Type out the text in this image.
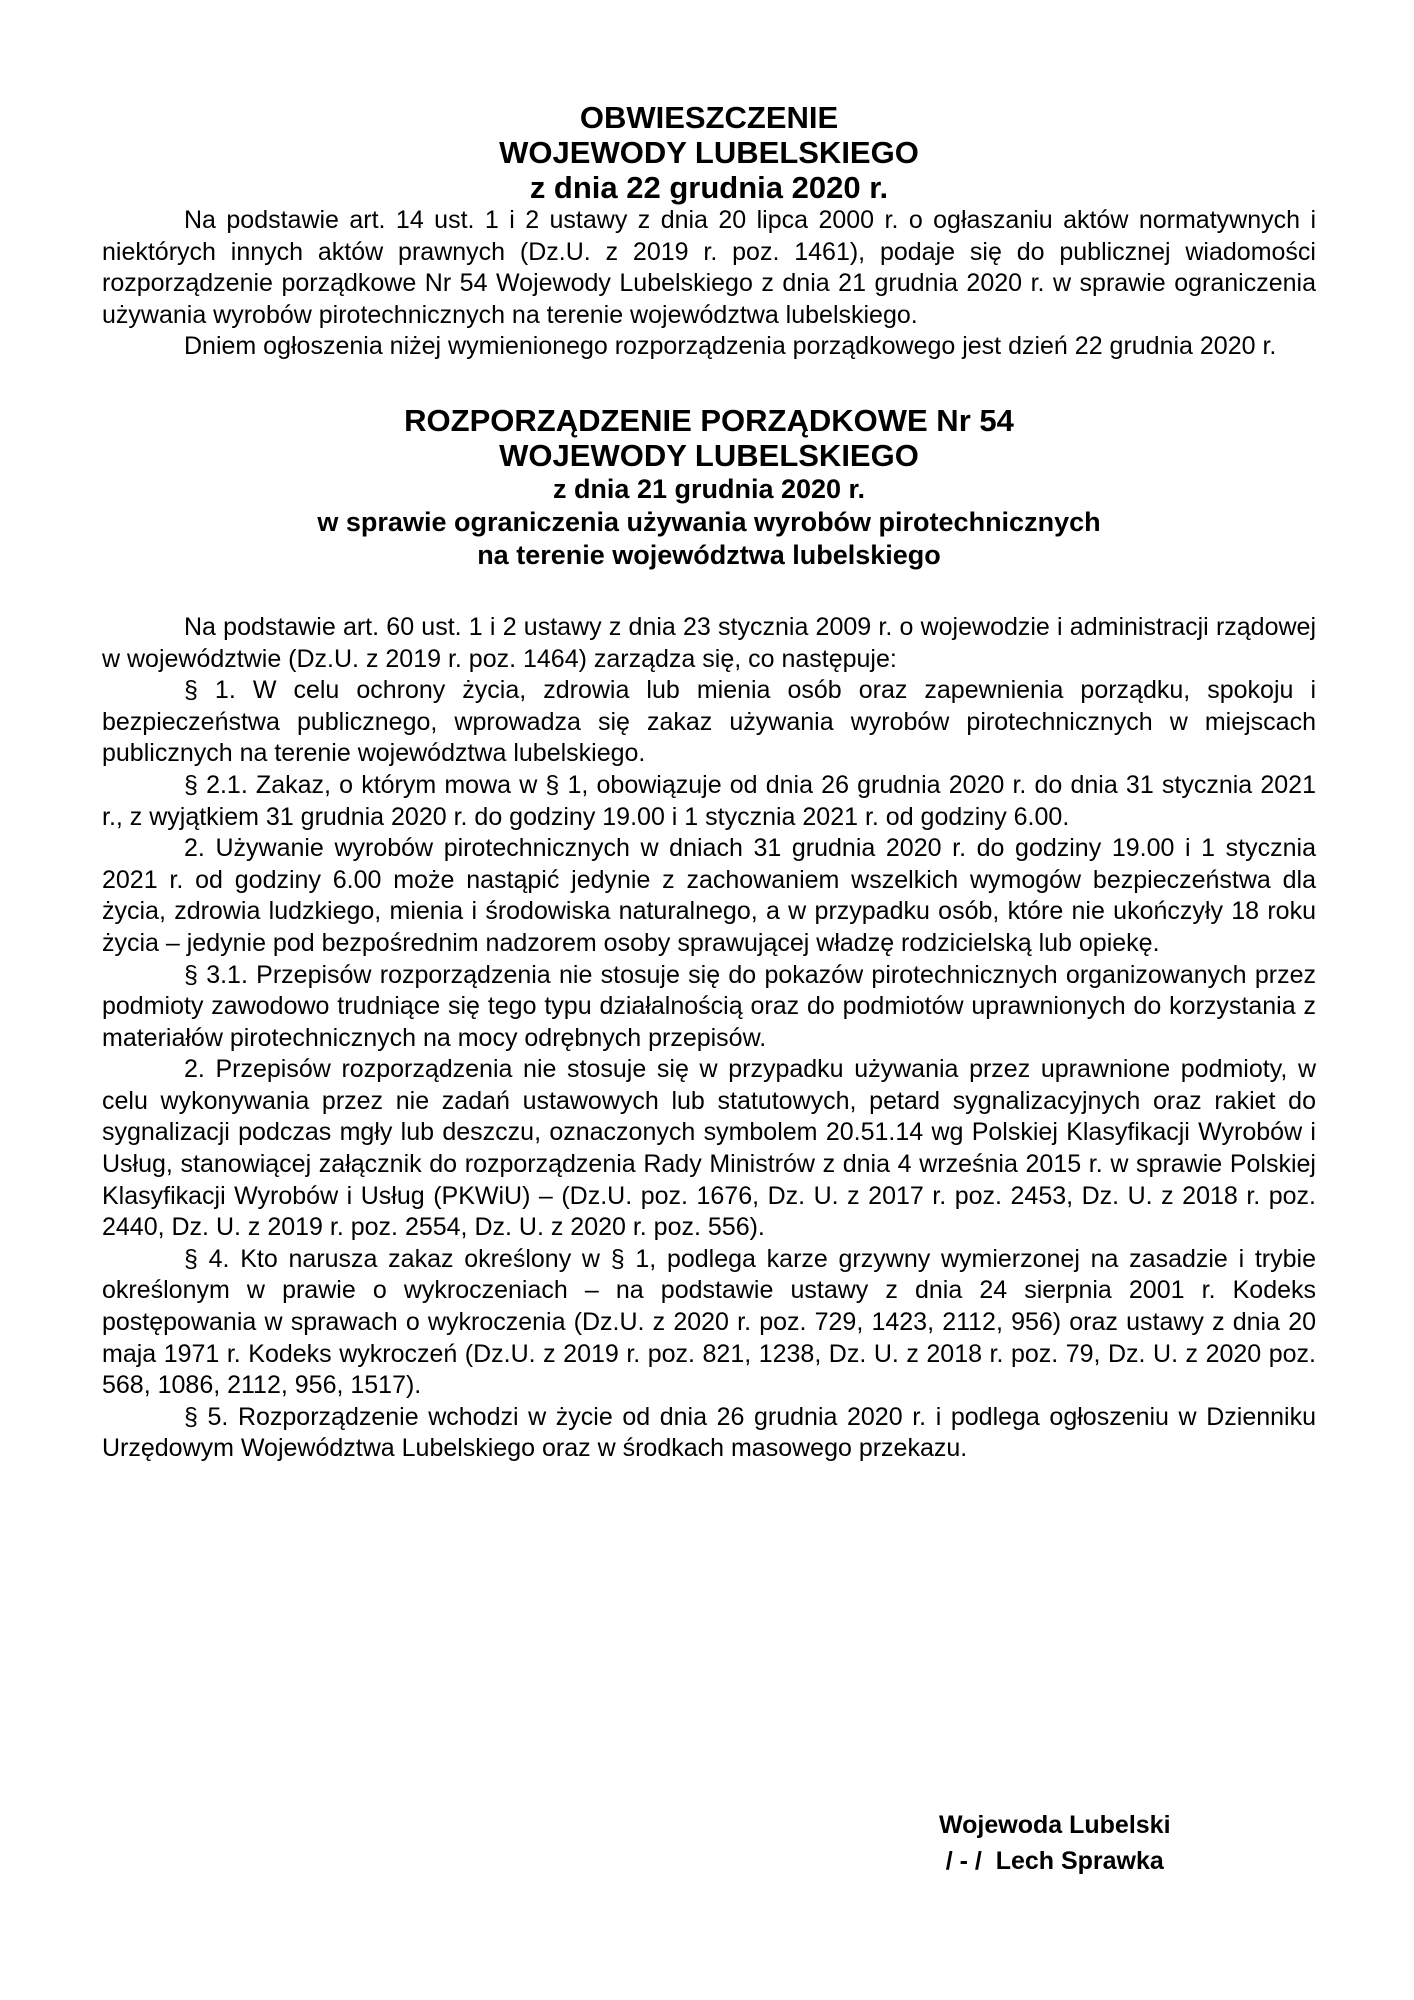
OBWIESZCZENIE

WOJEWODY LUBELSKIEGO

z dnia 22 grudnia 2020 r.

Na podstawie art. 14 ust. 1 i 2 ustawy z dnia 20 lipca 2000 r. o ogłaszaniu aktów normatywnych i niektórych innych aktów prawnych (Dz.U. z 2019 r. poz. 1461), podaje się do publicznej wiadomości rozporządzenie porządkowe Nr 54 Wojewody Lubelskiego z dnia 21 grudnia 2020 r. w sprawie ograniczenia używania wyrobów pirotechnicznych na terenie województwa lubelskiego.

Dniem ogłoszenia niżej wymienionego rozporządzenia porządkowego jest dzień 22 grudnia 2020 r.

ROZPORZĄDZENIE PORZĄDKOWE Nr 54

WOJEWODY LUBELSKIEGO

z dnia 21 grudnia 2020 r.

w sprawie ograniczenia używania wyrobów pirotechnicznych

na terenie województwa lubelskiego

Na podstawie art. 60 ust. 1 i 2 ustawy z dnia 23 stycznia 2009 r. o wojewodzie i administracji rządowej w województwie (Dz.U. z 2019 r. poz. 1464) zarządza się, co następuje:

§ 1. W celu ochrony życia, zdrowia lub mienia osób oraz zapewnienia porządku, spokoju i bezpieczeństwa publicznego, wprowadza się zakaz używania wyrobów pirotechnicznych w miejscach publicznych na terenie województwa lubelskiego.

§ 2.1. Zakaz, o którym mowa w § 1, obowiązuje od dnia 26 grudnia 2020 r. do dnia 31 stycznia 2021 r., z wyjątkiem 31 grudnia 2020 r. do godziny 19.00 i 1 stycznia 2021 r. od godziny 6.00.

2. Używanie wyrobów pirotechnicznych w dniach 31 grudnia 2020 r. do godziny 19.00 i 1 stycznia 2021 r. od godziny 6.00 może nastąpić jedynie z zachowaniem wszelkich wymogów bezpieczeństwa dla życia, zdrowia ludzkiego, mienia i środowiska naturalnego, a w przypadku osób, które nie ukończyły 18 roku życia – jedynie pod bezpośrednim nadzorem osoby sprawującej władzę rodzicielską lub opiekę.

§ 3.1. Przepisów rozporządzenia nie stosuje się do pokazów pirotechnicznych organizowanych przez podmioty zawodowo trudniące się tego typu działalnością oraz do podmiotów uprawnionych do korzystania z materiałów pirotechnicznych na mocy odrębnych przepisów.

2. Przepisów rozporządzenia nie stosuje się w przypadku używania przez uprawnione podmioty, w celu wykonywania przez nie zadań ustawowych lub statutowych, petard sygnalizacyjnych oraz rakiet do sygnalizacji podczas mgły lub deszczu, oznaczonych symbolem 20.51.14 wg Polskiej Klasyfikacji Wyrobów i Usług, stanowiącej załącznik do rozporządzenia Rady Ministrów z dnia 4 września 2015 r. w sprawie Polskiej Klasyfikacji Wyrobów i Usług (PKWiU) – (Dz.U. poz. 1676, Dz. U. z 2017 r. poz. 2453, Dz. U. z 2018 r. poz. 2440, Dz. U. z 2019 r. poz. 2554, Dz. U. z 2020 r. poz. 556).

§ 4. Kto narusza zakaz określony w § 1, podlega karze grzywny wymierzonej na zasadzie i trybie określonym w prawie o wykroczeniach – na podstawie ustawy z dnia 24 sierpnia 2001 r. Kodeks postępowania w sprawach o wykroczenia (Dz.U. z 2020 r. poz. 729, 1423, 2112, 956) oraz ustawy z dnia 20 maja 1971 r. Kodeks wykroczeń (Dz.U. z 2019 r. poz. 821, 1238, Dz. U. z 2018 r. poz. 79, Dz. U. z 2020 poz. 568, 1086, 2112, 956, 1517).

§ 5. Rozporządzenie wchodzi w życie od dnia 26 grudnia 2020 r. i podlega ogłoszeniu w Dzienniku Urzędowym Województwa Lubelskiego oraz w środkach masowego przekazu.

Wojewoda Lubelski
/ - /  Lech Sprawka
